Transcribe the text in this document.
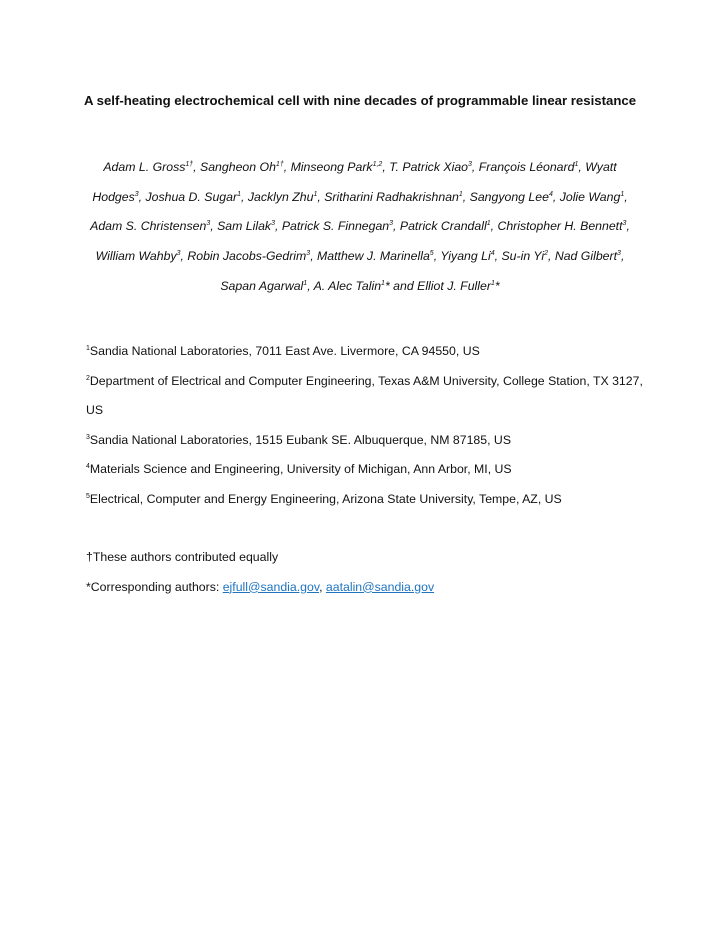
A self-heating electrochemical cell with nine decades of programmable linear resistance
Adam L. Gross$^{1\dagger}$, Sangheon $Oh^{1\dagger}$, Minseong Park$^{1,2}$, T. Patrick Xiao$^3$, François Léonard$^1$, Wyatt Hodges$^3$, Joshua D. Sugar$^1$, Jacklyn Zhu$^1$, Sritharini Radhakrishnan$^1$, Sangyong Lee$^4$, Jolie Wang$^1$, Adam S. Christensen$^3$, Sam Lilak$^3$, Patrick S. Finnegan$^3$, Patrick Crandall$^1$, Christopher H. Bennett$^3$, William Wahby$^3$, Robin Jacobs-Gedrim$^3$, Matthew J. Marinella$^5$, Yiyang Li$^4$, Su-in Yi$^2$, Nad Gilbert$^3$, Sapan Agarwal$^1$, A. Alec Talin$^1$* and Elliot J. Fuller$^1$*

$^1$Sandia National Laboratories, 7011 East Ave. Livermore, CA 94550, US

$^2$Department of Electrical and Computer Engineering, Texas A&M University, College Station, TX 3127, US

$^3$Sandia National Laboratories, 1515 Eubank SE. Albuquerque, NM 87185, US

$^4$Materials Science and Engineering, University of Michigan, Ann Arbor, MI, US

$^5$Electrical, Computer and Energy Engineering, Arizona State University, Tempe, AZ, US

†These authors contributed equally

*Corresponding authors: ejfull@sandia.gov, aatalin@sandia.gov
